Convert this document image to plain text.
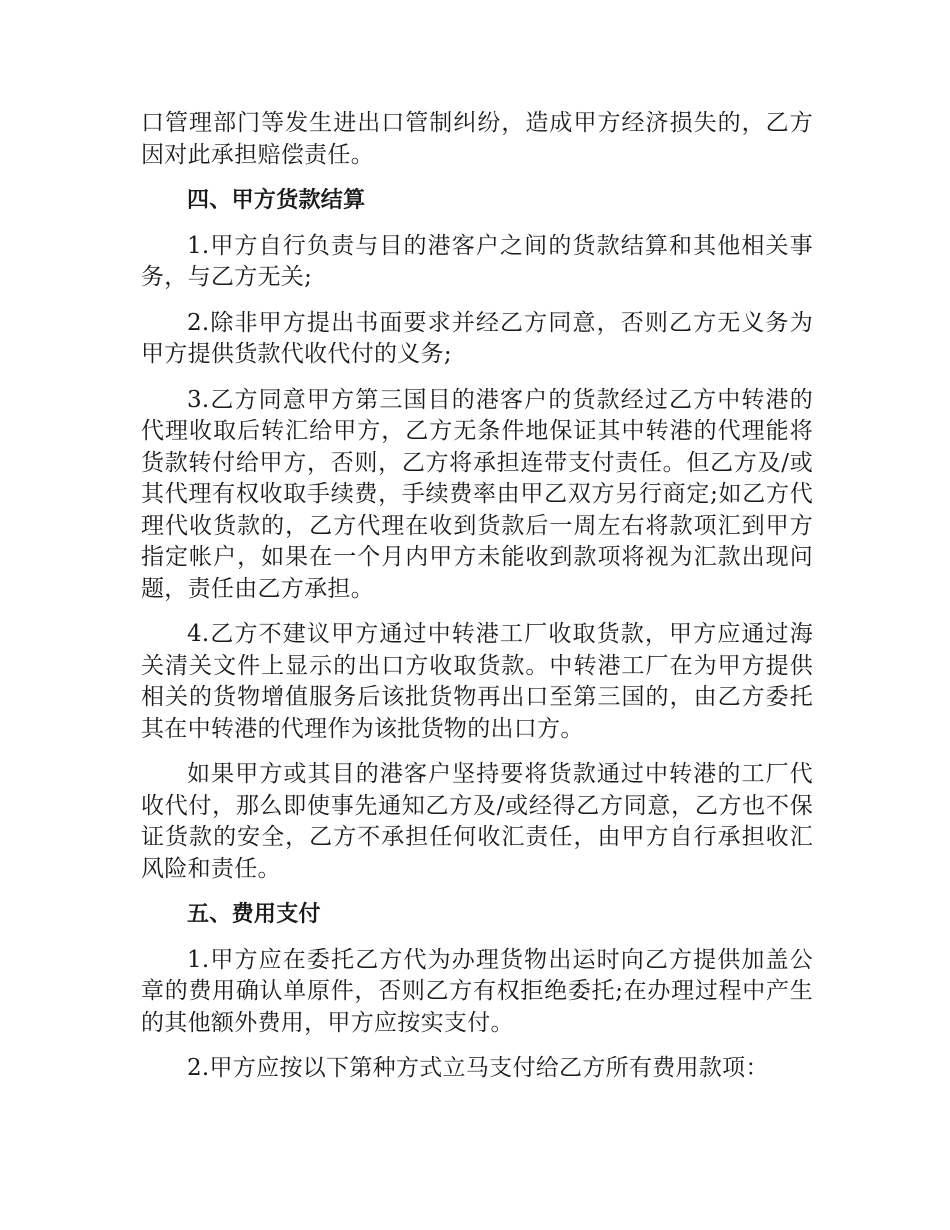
口管理部门等发生进出口管制纠纷，造成甲方经济损失的，乙方因对此承担赔偿责任。

四、甲方货款结算

1.甲方自行负责与目的港客户之间的货款结算和其他相关事务，与乙方无关;

2.除非甲方提出书面要求并经乙方同意，否则乙方无义务为甲方提供货款代收代付的义务;

3.乙方同意甲方第三国目的港客户的货款经过乙方中转港的代理收取后转汇给甲方，乙方无条件地保证其中转港的代理能将货款转付给甲方，否则，乙方将承担连带支付责任。但乙方及/或其代理有权收取手续费，手续费率由甲乙双方另行商定;如乙方代理代收货款的，乙方代理在收到货款后一周左右将款项汇到甲方指定帐户，如果在一个月内甲方未能收到款项将视为汇款出现问题，责任由乙方承担。

4.乙方不建议甲方通过中转港工厂收取货款，甲方应通过海关清关文件上显示的出口方收取货款。中转港工厂在为甲方提供相关的货物增值服务后该批货物再出口至第三国的，由乙方委托其在中转港的代理作为该批货物的出口方。

如果甲方或其目的港客户坚持要将货款通过中转港的工厂代收代付，那么即使事先通知乙方及/或经得乙方同意，乙方也不保证货款的安全，乙方不承担任何收汇责任，由甲方自行承担收汇风险和责任。

五、费用支付

1.甲方应在委托乙方代为办理货物出运时向乙方提供加盖公章的费用确认单原件，否则乙方有权拒绝委托;在办理过程中产生的其他额外费用，甲方应按实支付。

2.甲方应按以下第种方式立马支付给乙方所有费用款项：
